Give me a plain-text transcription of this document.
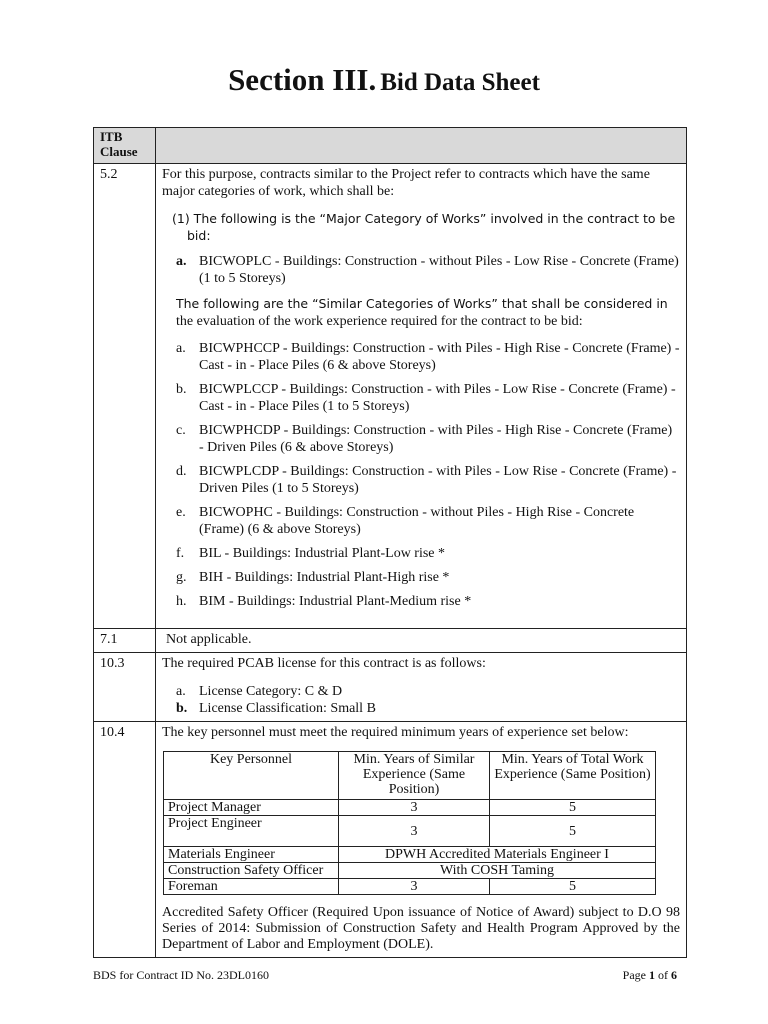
Section III. Bid Data Sheet
ITB Clause	
5.2	For this purpose, contracts similar to the Project refer to contracts which have the same major categories of work, which shall be:

(1) The following is the “Major Category of Works” involved in the contract to be bid:

a. BICWOPLC - Buildings: Construction - without Piles - Low Rise - Concrete (Frame) (1 to 5 Storeys)

The following are the “Similar Categories of Works” that shall be considered in the evaluation of the work experience required for the contract to be bid:

a. BICWPHCCP - Buildings: Construction - with Piles - High Rise - Concrete (Frame) - Cast - in - Place Piles (6 & above Storeys)
b. BICWPLCCP - Buildings: Construction - with Piles - Low Rise - Concrete (Frame) - Cast - in - Place Piles (1 to 5 Storeys)
c. BICWPHCDP - Buildings: Construction - with Piles - High Rise - Concrete (Frame) - Driven Piles (6 & above Storeys)
d. BICWPLCDP - Buildings: Construction - with Piles - Low Rise - Concrete (Frame) - Driven Piles (1 to 5 Storeys)
e. BICWOPHC - Buildings: Construction - without Piles - High Rise - Concrete (Frame) (6 & above Storeys)
f.	BIL - Buildings: Industrial Plant-Low rise *
g. BIH - Buildings: Industrial Plant-High rise *
h. BIM - Buildings: Industrial Plant-Medium rise *

7.1	Not applicable.

10.3	The required PCAB license for this contract is as follows:

a. License Category: C & D
b. License Classification: Small B

10.4	The key personnel must meet the required minimum years of experience set below:

Key Personnel	Min. Years of Similar Experience (Same Position)	Min. Years of Total Work Experience (Same Position)
Project Manager	3	5
Project Engineer	3	5
Materials Engineer	DPWH Accredited Materials Engineer I
Construction Safety Officer	With COSH Taming
Foreman	3	5

Accredited Safety Officer (Required Upon issuance of Notice of Award) subject to D.O 98 Series of 2014: Submission of Construction Safety and Health Program Approved by the Department of Labor and Employment (DOLE).

BDS for Contract ID No. 23DL0160	Page 1 of 6
